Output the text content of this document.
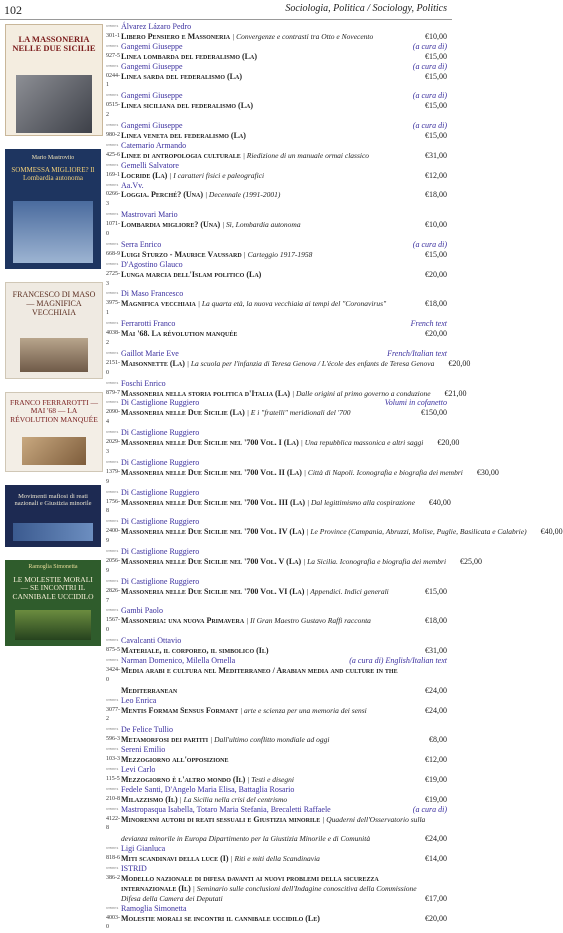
102	Sociologia, Politica / Sociology, Politics
LA MASSONERIA NELLE DUE SICILIE
Mario Mastrovito
SOMMESSA MIGLIORE? Il Lombardia autonoma
FRANCESCO DI MASO — MAGNIFICA VECCHIAIA
FRANCO FERRAROTTI — MAI '68 — LA RÉVOLUTION MANQUÉE
Movimenti mafiosi di reati nazionali e Giustizia minorile
Ramoglia Simonetta
LE MOLESTIE MORALI — SE INCONTRI IL CANNIBALE UCCIDILO
9788874 Álvarez Lázaro Pedro
301-1 Libero Pensiero e Massoneria | Convergenze e contrasti tra Otto e Novecento	€10,00
9788874 Gangemi Giuseppe	(a cura di)
927-5 Linea lombarda del federalismo (La)	€15,00
9788874 Gangemi Giuseppe	(a cura di)
0244-1
Linea sarda del federalismo (La)	€15,00
9788874 Gangemi Giuseppe	(a cura di)
0515-2
Linea siciliana del federalismo (La)	€15,00
9788874 Gangemi Giuseppe	(a cura di)
980-2 Linea veneta del federalismo (La)	€15,00
9788874 Catemario Armando
425-6 Linee di antropologia culturale | Riedizione di un manuale ormai classico	€31,00
9788874 Gemelli Salvatore
169-1 Locride (La) | I caratteri fisici e paleografici	€12,00
9788874 Aa.Vv.
0266-3
Loggia. Perché? (Una) | Decennale (1991-2001)	€18,00
9788874 Mastrovari Mario
1071-0
Lombardia migliore? (Una) | Sì, Lombardia autonoma	€10,00
9788874 Serra Enrico	(a cura di)
668-9 Luigi Sturzo - Maurice Vaussard | Carteggio 1917-1958	€15,00
9788874 D'Agostino Glauco
2725-3
Lunga marcia dell'Islam politico (La)	€20,00
9788874 Di Maso Francesco
3975-1
Magnifica vecchiaia | La quarta età, la nuova vecchiaia ai tempi del "Coronavirus"	€18,00
9788874 Ferrarotti Franco	French text
4038-2
Mai '68. La révolution manquée	€20,00
9788874 Gaillot Marie Eve	French/Italian text
2151-0
Maisonnette (La) | La scuola per l'infanzia di Teresa Genova / L'école des enfants de Teresa Genova	€20,00
9788874 Foschi Enrico
879-7 Massoneria nella storia politica d'Italia (La) | Dalle origini al primo governo a conduzione	€21,00
9788874 Di Castiglione Ruggiero	Volumi in cofanetto
2090-4
Massoneria nelle Due Sicilie (La) | E i "fratelli" meridionali del '700	€150,00
9788874 Di Castiglione Ruggiero
2029-3
Massoneria nelle Due Sicilie nel '700 Vol. I (La) | Una repubblica massonica e altri saggi	€20,00
9788874 Di Castiglione Ruggiero
1379-9
Massoneria nelle Due Sicilie nel '700 Vol. II (La) | Città di Napoli. Iconografia e biografia dei membri	€30,00
9788874 Di Castiglione Ruggiero
1756-8
Massoneria nelle Due Sicilie nel '700 Vol. III (La) | Dal legittimismo alla cospirazione	€40,00
9788874 Di Castiglione Ruggiero
2400-9
Massoneria nelle Due Sicilie nel '700 Vol. IV (La) | Le Province (Campania, Abruzzi, Molise, Puglie, Basilicata e Calabrie)	€40,00
9788874 Di Castiglione Ruggiero
2056-9
Massoneria nelle Due Sicilie nel '700 Vol. V (La) | La Sicilia. Iconografia e biografia dei membri	€25,00
9788874 Di Castiglione Ruggiero
2826-7
Massoneria nelle Due Sicilie nel '700 Vol. VI (La) | Appendici. Indici generali	€15,00
9788874 Gambi Paolo
1567-0
Massoneria: una nuova Primavera | Il Gran Maestro Gustavo Raffi racconta	€18,00
9788874 Cavalcanti Ottavio
875-5 Materiale, il corporeo, il simbolico (Il)	€31,00
9788874 Narman Domenico, Milella Ornella	(a cura di) English/Italian text
3424-0
Media arabi e cultura nel Mediterraneo / Arabian media and culture in the
Mediterranean	€24,00
9788874 Leo Enrica
3077-2
Mentis Formam Sensus Formant | arte e scienza per una memoria dei sensi	€24,00
9788874 De Felice Tullio
596-3 Metamorfosi dei partiti | Dall'ultimo conflitto mondiale ad oggi	€8,00
9788874 Sereni Emilio
103-3 Mezzogiorno all'opposizione	€12,00
9788874 Levi Carlo
115-5 Mezzogiorno è l'altro mondo (Il) | Testi e disegni	€19,00
9788874 Fedele Santi, D'Angelo Maria Elisa, Battaglia Rosario
210-8 Milazzismo (Il) | La Sicilia nella crisi del centrismo	€19,00
9788874 Mastropasqua Isabella, Totaro Maria Stefania, Brecaletti Raffaele	(a cura di)
4122-8
Minorenni autori di reati sessuali e Giustizia minorile | Quaderni dell'Osservatorio sulla
devianza minorile in Europa Dipartimento per la Giustizia Minorile e di Comunità	€24,00
9788874 Ligi Gianluca
818-6 Miti scandinavi della luce (I) | Riti e miti della Scandinavia	€14,00
9788874 ISTRID
386-2 Modello nazionale di difesa davanti ai nuovi problemi della sicurezza
internazionale (Il) | Seminario sulle conclusioni dell'Indagine conoscitiva della Commissione
Difesa della Camera dei Deputati	€17,00
9788874 Ramoglia Simonetta
4003-0
Molestie morali se incontri il cannibale uccidilo (Le)	€20,00
